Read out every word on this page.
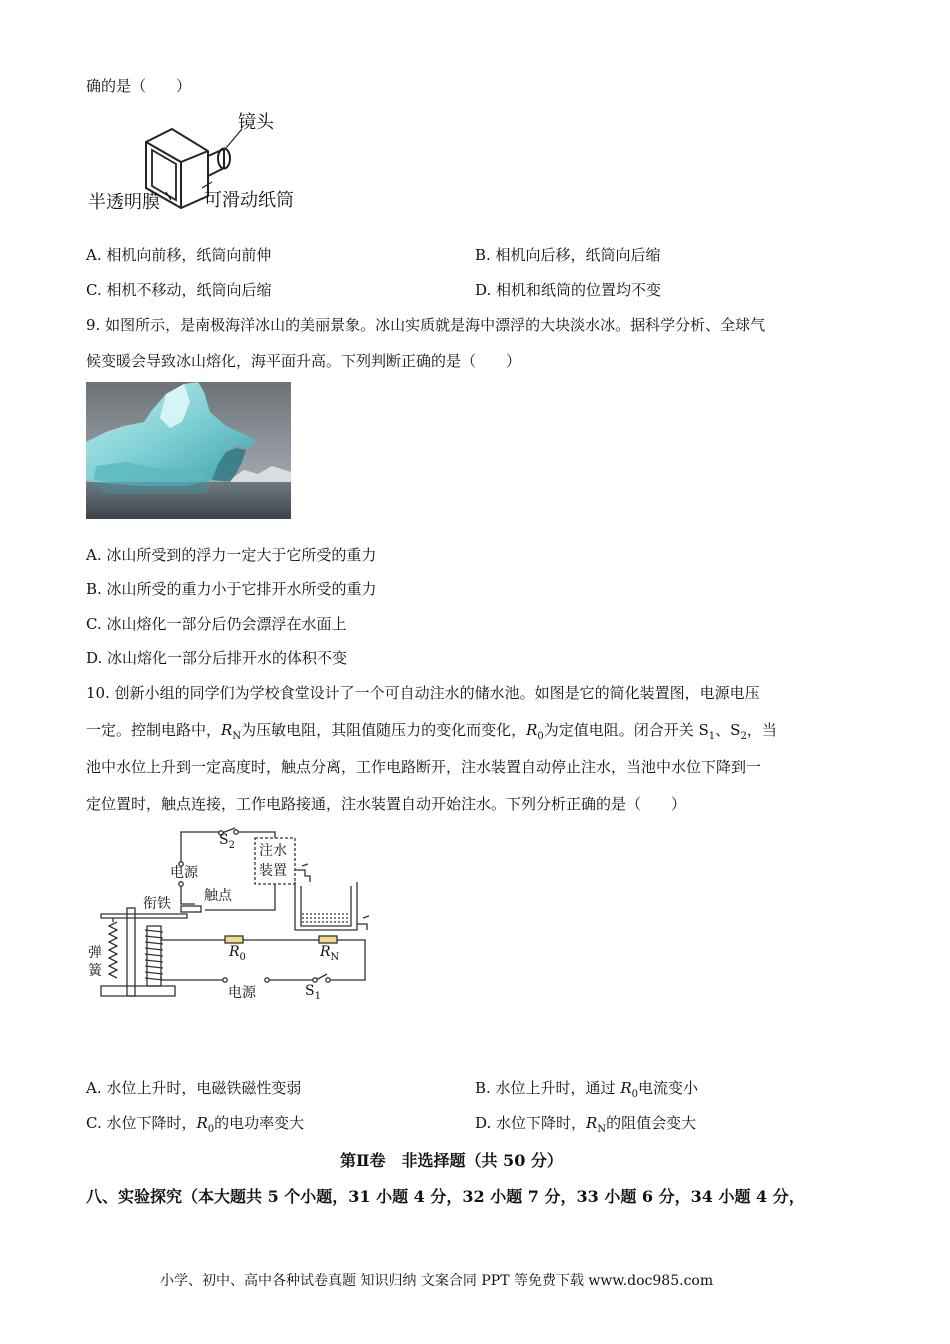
确的是（　　）
镜头
半透明膜 可滑动纸筒
A. 相机向前移，纸筒向前伸	B. 相机向后移，纸筒向后缩
C. 相机不移动，纸筒向后缩	D. 相机和纸筒的位置均不变
9. 如图所示，是南极海洋冰山的美丽景象。冰山实质就是海中漂浮的大块淡水冰。据科学分析、全球气
候变暖会导致冰山熔化，海平面升高。下列判断正确的是（　　）
A. 冰山所受到的浮力一定大于它所受的重力
B. 冰山所受的重力小于它排开水所受的重力
C. 冰山熔化一部分后仍会漂浮在水面上
D. 冰山熔化一部分后排开水的体积不变
10. 创新小组的同学们为学校食堂设计了一个可自动注水的储水池。如图是它的简化装置图，电源电压
一定。控制电路中，$R_N$为压敏电阻，其阻值随压力的变化而变化，$R_0$为定值电阻。闭合开关 $S_1$、$S_2$，当
池中水位上升到一定高度时，触点分离，工作电路断开，注水装置自动停止注水，当池中水位下降到一
定位置时，触点连接，工作电路接通，注水装置自动开始注水。下列分析正确的是（　　）
$S_2$ 注水
装置
电源
触点
衔铁
弹
簧
$R_0$	$R_N$
电源	$S_1$
A. 水位上升时，电磁铁磁性变弱	B. 水位上升时，通过 $R_0$电流变小
C. 水位下降时，$R_0$的电功率变大	D. 水位下降时，$R_N$的阻值会变大
第Ⅱ卷　非选择题（共 50 分）
八、实验探究（本大题共 5 个小题，31 小题 4 分，32 小题 7 分，33 小题 6 分，34 小题 4 分，
小学、初中、高中各种试卷真题 知识归纳 文案合同 PPT 等免费下载 www.doc985.com
